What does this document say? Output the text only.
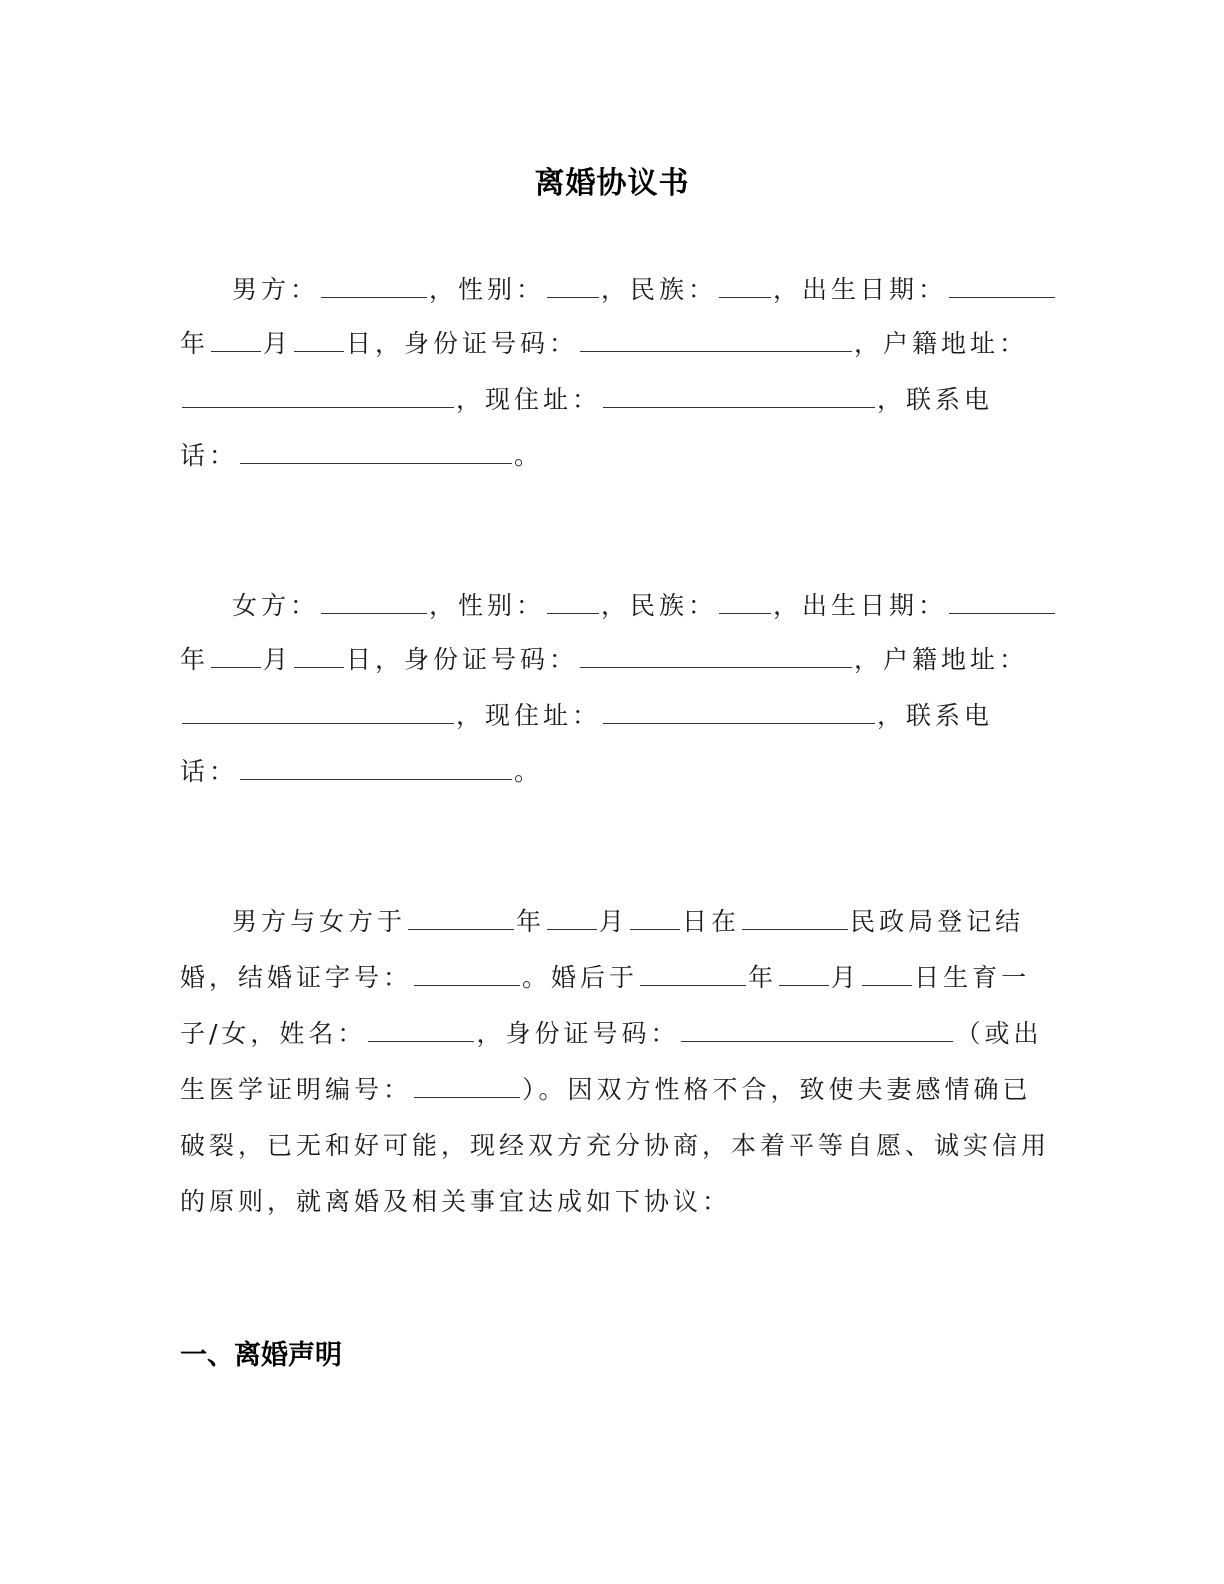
离婚协议书
男方：	，性别： ，民族： ，出生日期：
年 月 日，身份证号码：	，户籍地址：
，现住址：	，联系电
话：	。
女方：	，性别： ，民族： ，出生日期：
年 月 日，身份证号码：	，户籍地址：
，现住址：	，联系电
话：	。
男方与女方于	年 月 日在	民政局登记结
婚，结婚证字号：	。婚后于	年 月 日生育一
子/女，姓名：	，身份证号码：	（或出
生医学证明编号：	）。因双方性格不合，致使夫妻感情确已
破裂，已无和好可能，现经双方充分协商，本着平等自愿、诚实信用
的原则，就离婚及相关事宜达成如下协议：
一、离婚声明
